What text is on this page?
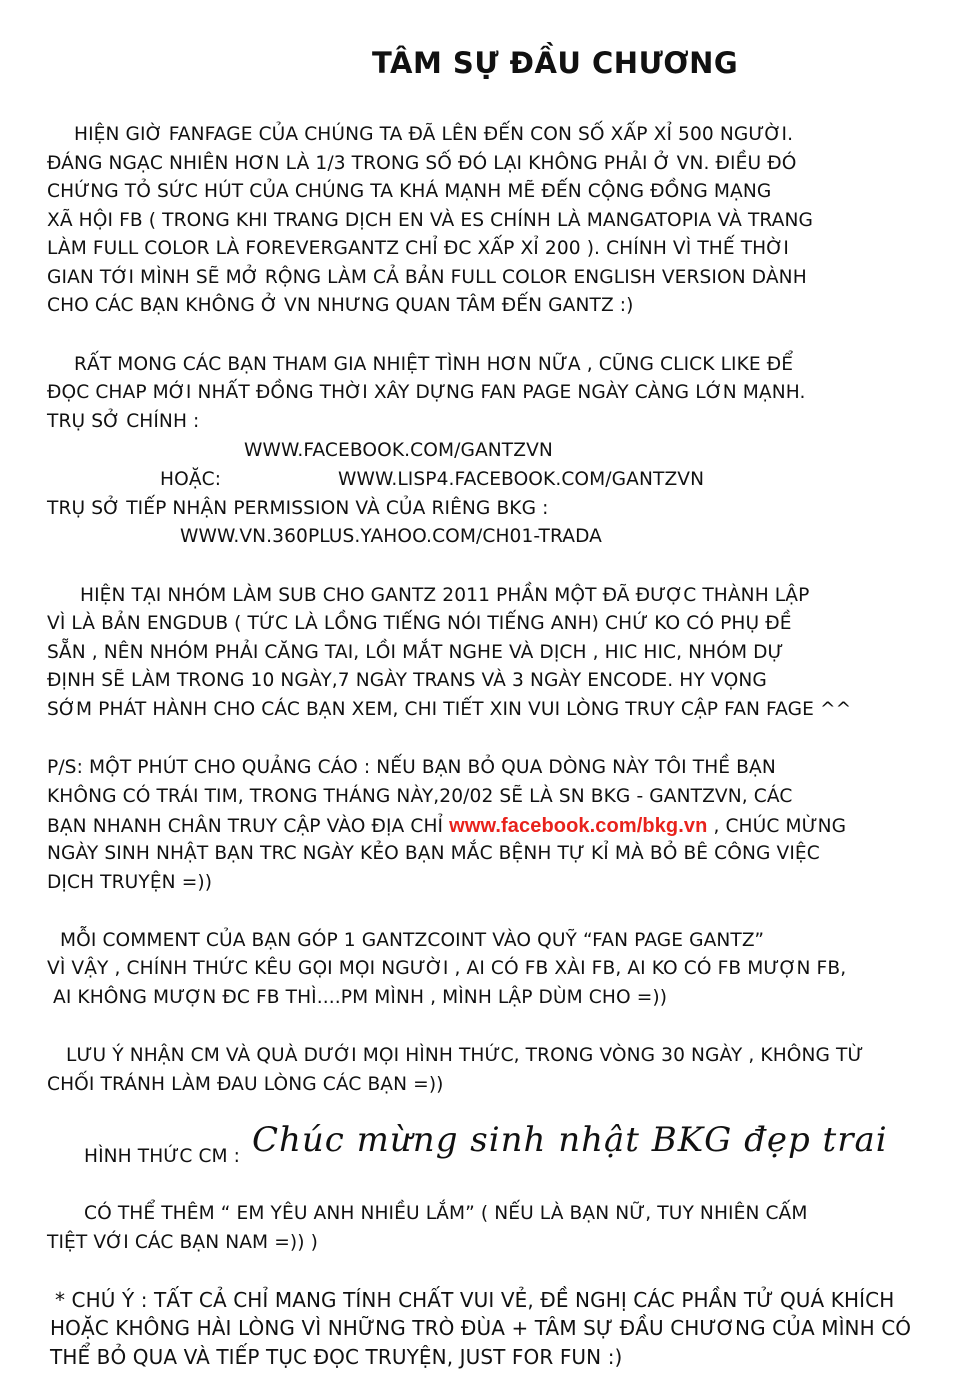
TÂM SỰ ĐẦU CHƯƠNG
HIỆN GIỜ FANFAGE CỦA CHÚNG TA ĐÃ LÊN ĐẾN CON SỐ XẤP XỈ 500 NGƯỜI.
ĐÁNG NGẠC NHIÊN HƠN LÀ 1/3 TRONG SỐ ĐÓ LẠI KHÔNG PHẢI Ở VN. ĐIỀU ĐÓ
CHỨNG TỎ SỨC HÚT CỦA CHÚNG TA KHÁ MẠNH MẼ ĐẾN CỘNG ĐỒNG MẠNG
XÃ HỘI FB ( TRONG KHI TRANG DỊCH EN VÀ ES CHÍNH LÀ MANGATOPIA VÀ TRANG
LÀM FULL COLOR LÀ FOREVERGANTZ CHỈ ĐC XẤP XỈ 200 ). CHÍNH VÌ THẾ THỜI
GIAN TỚI MÌNH SẼ MỞ RỘNG LÀM CẢ BẢN FULL COLOR ENGLISH VERSION DÀNH
CHO CÁC BẠN KHÔNG Ở VN NHƯNG QUAN TÂM ĐẾN GANTZ :)
RẤT MONG CÁC BẠN THAM GIA NHIỆT TÌNH HƠN NỮA , CŨNG CLICK LIKE ĐỂ
ĐỌC CHAP MỚI NHẤT ĐỒNG THỜI XÂY DỰNG FAN PAGE NGÀY CÀNG LỚN MẠNH.
TRỤ SỞ CHÍNH :
WWW.FACEBOOK.COM/GANTZVN
HOẶC:	WWW.LISP4.FACEBOOK.COM/GANTZVN
TRỤ SỞ TIẾP NHẬN PERMISSION VÀ CỦA RIÊNG BKG :
WWW.VN.360PLUS.YAHOO.COM/CH01-TRADA
HIỆN TẠI NHÓM LÀM SUB CHO GANTZ 2011 PHẦN MỘT ĐÃ ĐƯỢC THÀNH LẬP
VÌ LÀ BẢN ENGDUB ( TỨC LÀ LỒNG TIẾNG NÓI TIẾNG ANH) CHỨ KO CÓ PHỤ ĐỀ
SẴN , NÊN NHÓM PHẢI CĂNG TAI, LỒI MẮT NGHE VÀ DỊCH , HIC HIC, NHÓM DỰ
ĐỊNH SẼ LÀM TRONG 10 NGÀY,7 NGÀY TRANS VÀ 3 NGÀY ENCODE. HY VỌNG
SỚM PHÁT HÀNH CHO CÁC BẠN XEM, CHI TIẾT XIN VUI LÒNG TRUY CẬP FAN FAGE ^^
P/S: MỘT PHÚT CHO QUẢNG CÁO : NẾU BẠN BỎ QUA DÒNG NÀY TÔI THỀ BẠN
KHÔNG CÓ TRÁI TIM, TRONG THÁNG NÀY,20/02 SẼ LÀ SN BKG - GANTZVN, CÁC
BẠN NHANH CHÂN TRUY CẬP VÀO ĐỊA CHỈ www.facebook.com/bkg.vn , CHÚC MỪNG
NGÀY SINH NHẬT BẠN TRC NGÀY KẺO BẠN MẮC BỆNH TỰ KỈ MÀ BỎ BÊ CÔNG VIỆC
DỊCH TRUYỆN =))
MỖI COMMENT CỦA BẠN GÓP 1 GANTZCOINT VÀO QUỸ “FAN PAGE GANTZ”
VÌ VẬY , CHÍNH THỨC KÊU GỌI MỌI NGƯỜI , AI CÓ FB XÀI FB, AI KO CÓ FB MƯỢN FB,
AI KHÔNG MƯỢN ĐC FB THÌ....PM MÌNH , MÌNH LẬP DÙM CHO =))
LƯU Ý NHẬN CM VÀ QUÀ DƯỚI MỌI HÌNH THỨC, TRONG VÒNG 30 NGÀY , KHÔNG TỪ
CHỐI TRÁNH LÀM ĐAU LÒNG CÁC BẠN =))
HÌNH THỨC CM : Chúc mừng sinh nhật BKG đẹp trai
CÓ THỂ THÊM “ EM YÊU ANH NHIỀU LẮM” ( NẾU LÀ BẠN NỮ, TUY NHIÊN CẤM
TIỆT VỚI CÁC BẠN NAM =)) )
* CHÚ Ý : TẤT CẢ CHỈ MANG TÍNH CHẤT VUI VẺ, ĐỀ NGHỊ CÁC PHẦN TỬ QUÁ KHÍCH
HOẶC KHÔNG HÀI LÒNG VÌ NHỮNG TRÒ ĐÙA + TÂM SỰ ĐẦU CHƯƠNG CỦA MÌNH CÓ
THỂ BỎ QUA VÀ TIẾP TỤC ĐỌC TRUYỆN, JUST FOR FUN :)
